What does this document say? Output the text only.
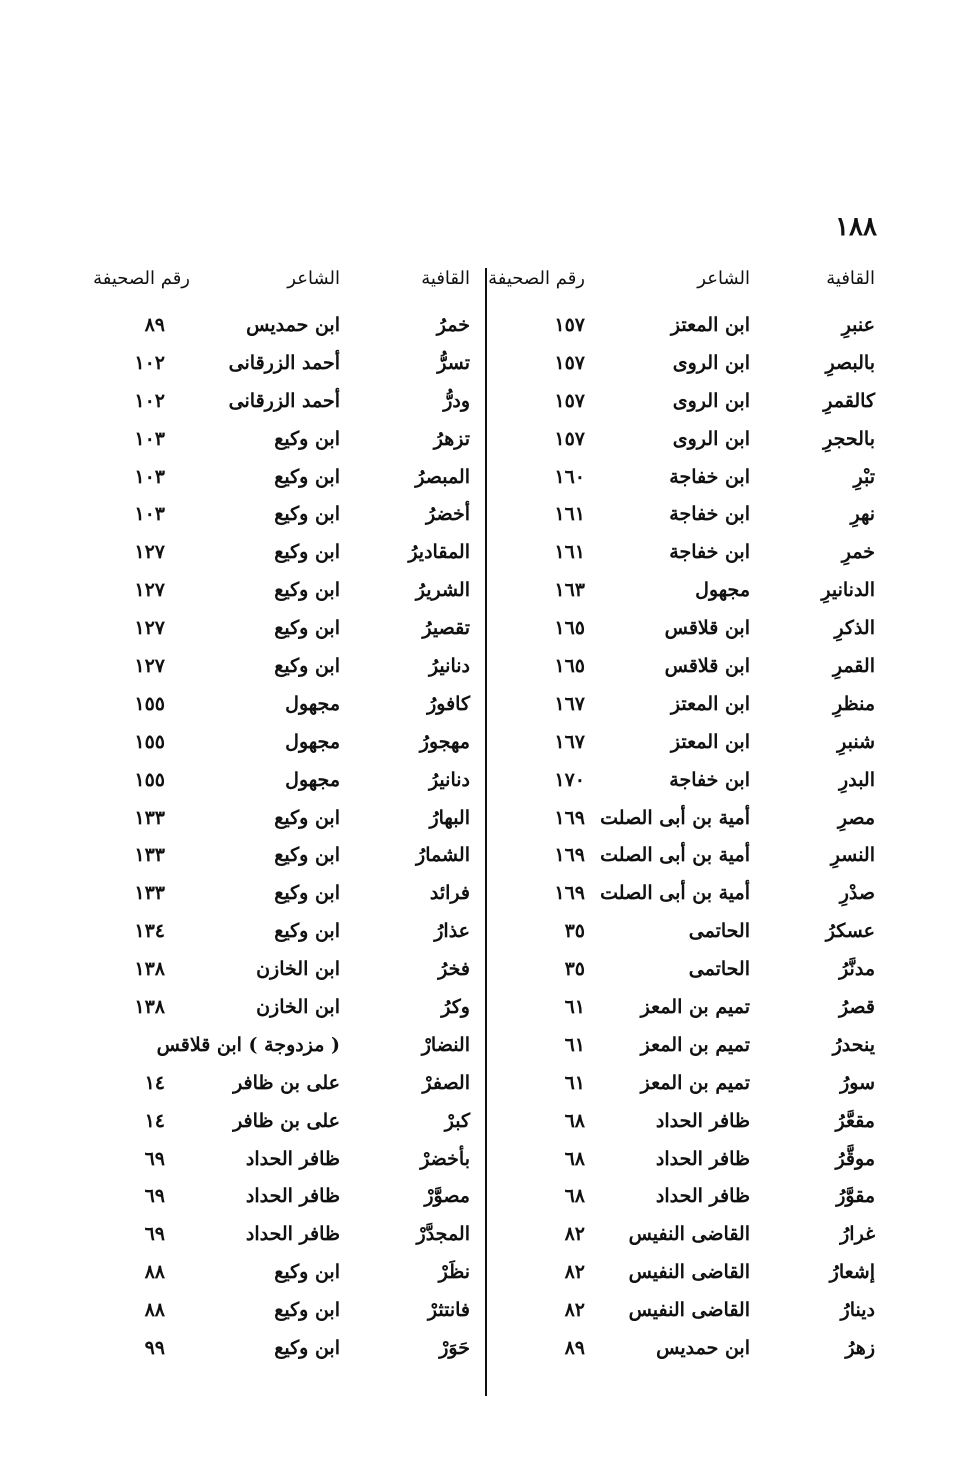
١٨٨
القافية
الشاعر
رقم الصحيفة
عنبرِ
ابن المعتز
١٥٧
بالبصرِ
ابن الروى
١٥٧
كالقمرِ
ابن الروى
١٥٧
بالحجرِ
ابن الروى
١٥٧
تبْرِ
ابن خفاجة
١٦٠
نهرِ
ابن خفاجة
١٦١
خمرِ
ابن خفاجة
١٦١
الدنانيرِ
مجهول
١٦٣
الذكرِ
ابن قلاقس
١٦٥
القمرِ
ابن قلاقس
١٦٥
منظرِ
ابن المعتز
١٦٧
شنبرِ
ابن المعتز
١٦٧
البدرِ
ابن خفاجة
١٧٠
مصرِ
أمية بن أبى الصلت
١٦٩
النسرِ
أمية بن أبى الصلت
١٦٩
صدْرِ
أمية بن أبى الصلت
١٦٩
عسكرُ
الحاتمى
٣٥
مدنَّرُ
الحاتمى
٣٥
قصرُ
تميم بن المعز
٦١
ينحدرُ
تميم بن المعز
٦١
سورُ
تميم بن المعز
٦١
مقعَّرُ
ظافر الحداد
٦٨
موقَّرُ
ظافر الحداد
٦٨
مقوَّرُ
ظافر الحداد
٦٨
غرارُ
القاضى النفيس
٨٢
إشعارُ
القاضى النفيس
٨٢
دينارُ
القاضى النفيس
٨٢
زهرُ
ابن حمديس
٨٩
القافية
الشاعر
رقم الصحيفة
خمرُ
ابن حمديس
٨٩
تسرُّ
أحمد الزرقانى
١٠٢
ودرُّ
أحمد الزرقانى
١٠٢
تزهرُ
ابن وكيع
١٠٣
المبصرُ
ابن وكيع
١٠٣
أخضرُ
ابن وكيع
١٠٣
المقاديرُ
ابن وكيع
١٢٧
الشريرُ
ابن وكيع
١٢٧
تقصيرُ
ابن وكيع
١٢٧
دنانيرُ
ابن وكيع
١٢٧
كافورُ
مجهول
١٥٥
مهجورُ
مجهول
١٥٥
دنانيرُ
مجهول
١٥٥
البهارُ
ابن وكيع
١٣٣
الشمارُ
ابن وكيع
١٣٣
فرائد
ابن وكيع
١٣٣
عذارُ
ابن وكيع
١٣٤
فخرُ
ابن الخازن
١٣٨
وكرُ
ابن الخازن
١٣٨
النضارْ
( مزدوجة ) ابن قلاقس
الصفرْ
على بن ظافر
١٤
كبرْ
على بن ظافر
١٤
بأخضرْ
ظافر الحداد
٦٩
مصوَّرْ
ظافر الحداد
٦٩
المجدَّرْ
ظافر الحداد
٦٩
نظَرْ
ابن وكيع
٨٨
فانتثرْ
ابن وكيع
٨٨
حَوَرْ
ابن وكيع
٩٩
